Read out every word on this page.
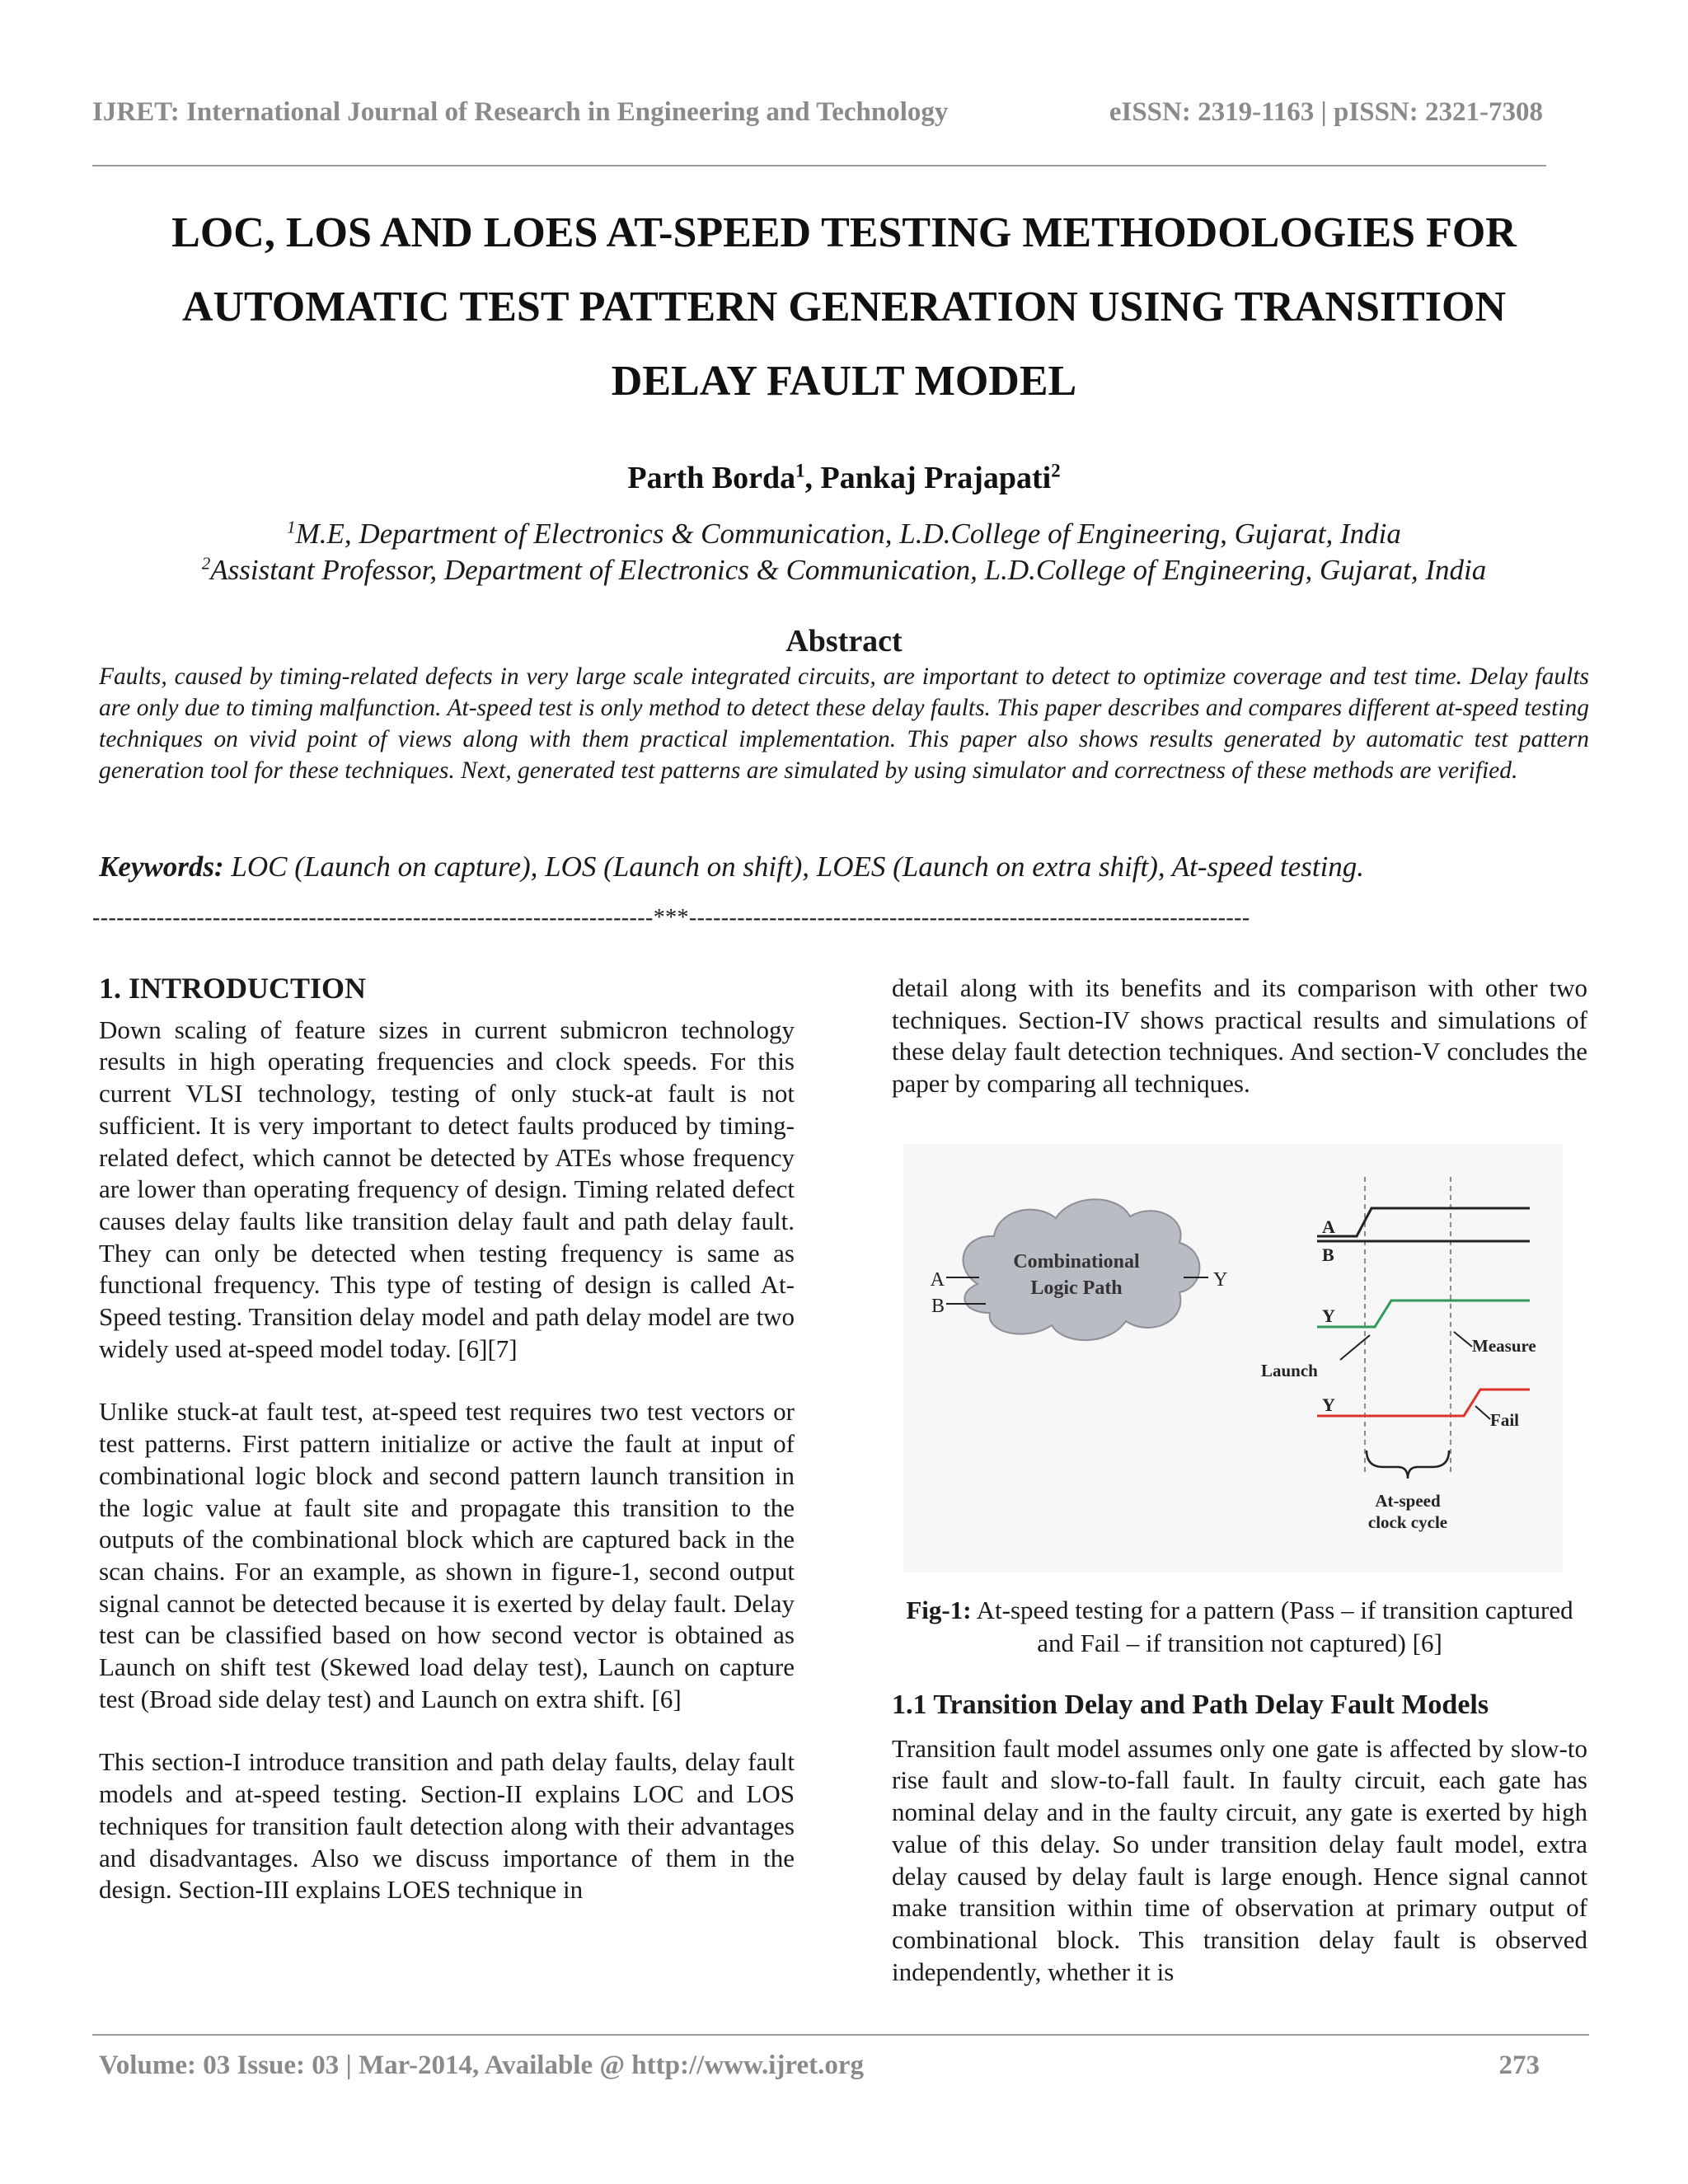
IJRET: International Journal of Research in Engineering and Technology	eISSN: 2319-1163 | pISSN: 2321-7308
LOC, LOS AND LOES AT-SPEED TESTING METHODOLOGIES FOR
AUTOMATIC TEST PATTERN GENERATION USING TRANSITION
DELAY FAULT MODEL
Parth Borda$^1$, Pankaj Prajapati$^2$
$^1$M.E, Department of Electronics & Communication, L.D.College of Engineering, Gujarat, India
$^2$Assistant Professor, Department of Electronics & Communication, L.D.College of Engineering, Gujarat, India
Abstract
Faults, caused by timing-related defects in very large scale integrated circuits, are important to detect to optimize coverage and test time. Delay faults are only due to timing malfunction. At-speed test is only method to detect these delay faults. This paper describes and compares different at-speed testing techniques on vivid point of views along with them practical implementation. This paper also shows results generated by automatic test pattern generation tool for these techniques. Next, generated test patterns are simulated by using simulator and correctness of these methods are verified.
Keywords: LOC (Launch on capture), LOS (Launch on shift), LOES (Launch on extra shift), At-speed testing.
----------------------------------------------------------------------***----------------------------------------------------------------------
1. INTRODUCTION

Down scaling of feature sizes in current submicron technology results in high operating frequencies and clock speeds. For this current VLSI technology, testing of only stuck-at fault is not sufficient. It is very important to detect faults produced by timing-related defect, which cannot be detected by ATEs whose frequency are lower than operating frequency of design. Timing related defect causes delay faults like transition delay fault and path delay fault. They can only be detected when testing frequency is same as functional frequency. This type of testing of design is called At-Speed testing. Transition delay model and path delay model are two widely used at-speed model today. [6][7]

Unlike stuck-at fault test, at-speed test requires two test vectors or test patterns. First pattern initialize or active the fault at input of combinational logic block and second pattern launch transition in the logic value at fault site and propagate this transition to the outputs of the combinational block which are captured back in the scan chains. For an example, as shown in figure-1, second output signal cannot be detected because it is exerted by delay fault. Delay test can be classified based on how second vector is obtained as Launch on shift test (Skewed load delay test), Launch on capture test (Broad side delay test) and Launch on extra shift. [6]

This section-I introduce transition and path delay faults, delay fault models and at-speed testing. Section-II explains LOC and LOS techniques for transition fault detection along with their advantages and disadvantages. Also we discuss importance of them in the design. Section-III explains LOES technique in

detail along with its benefits and its comparison with other two techniques. Section-IV shows practical results and simulations of these delay fault detection techniques. And section-V concludes the paper by comparing all techniques.

Combinational
Logic Path
A
B
Y
A
B
Y
Launch
Measure
Y
Fail
At-speed
clock cycle
Fig-1: At-speed testing for a pattern (Pass – if transition captured and Fail – if transition not captured) [6]
1.1 Transition Delay and Path Delay Fault Models

Transition fault model assumes only one gate is affected by slow-to rise fault and slow-to-fall fault. In faulty circuit, each gate has nominal delay and in the faulty circuit, any gate is exerted by high value of this delay. So under transition delay fault model, extra delay caused by delay fault is large enough. Hence signal cannot make transition within time of observation at primary output of combinational block. This transition delay fault is observed independently, whether it is

Volume: 03 Issue: 03 | Mar-2014, Available @ http://www.ijret.org	273
